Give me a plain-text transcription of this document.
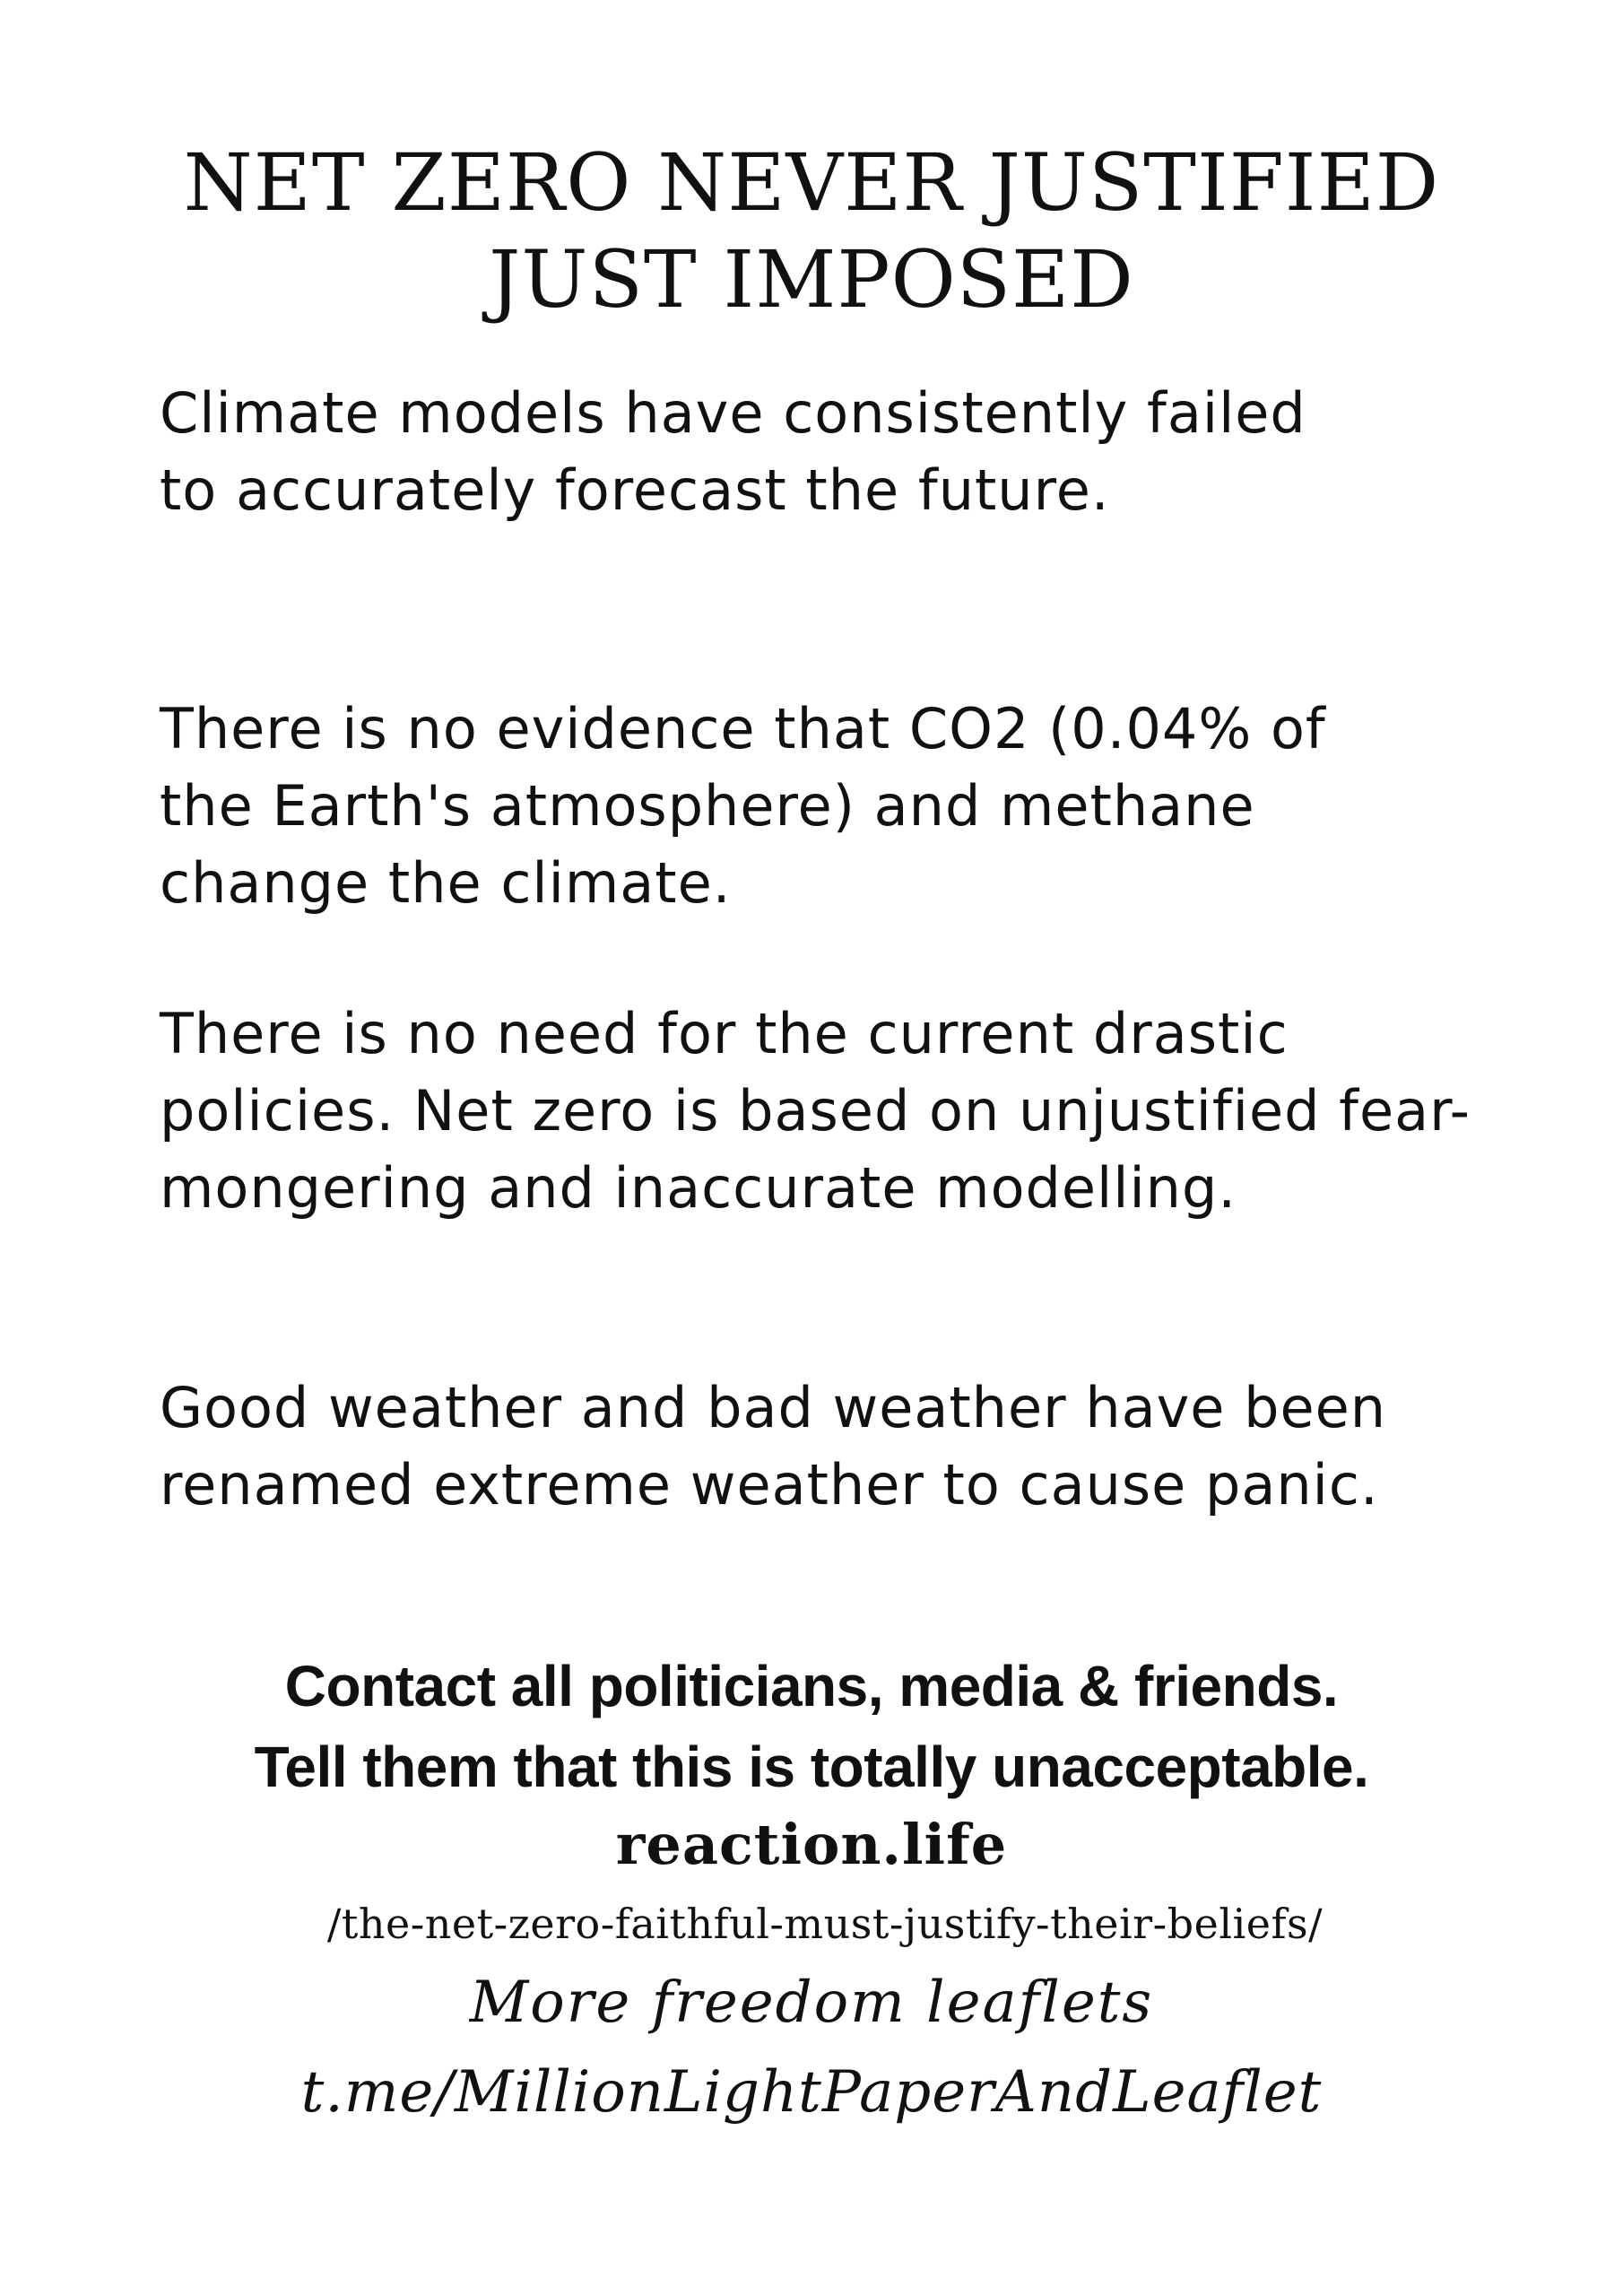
NET ZERO NEVER JUSTIFIED
JUST IMPOSED

Climate models have consistently failed to accurately forecast the future.

There is no evidence that CO2 (0.04% of the Earth's atmosphere) and methane change the climate.

There is no need for the current drastic policies. Net zero is based on unjustified fear-mongering and inaccurate modelling.

Good weather and bad weather have been renamed extreme weather to cause panic.

Contact all politicians, media & friends.

Tell them that this is totally unacceptable.

reaction.life

/the-net-zero-faithful-must-justify-their-beliefs/

More freedom leaflets

t.me/MillionLightPaperAndLeaflet
